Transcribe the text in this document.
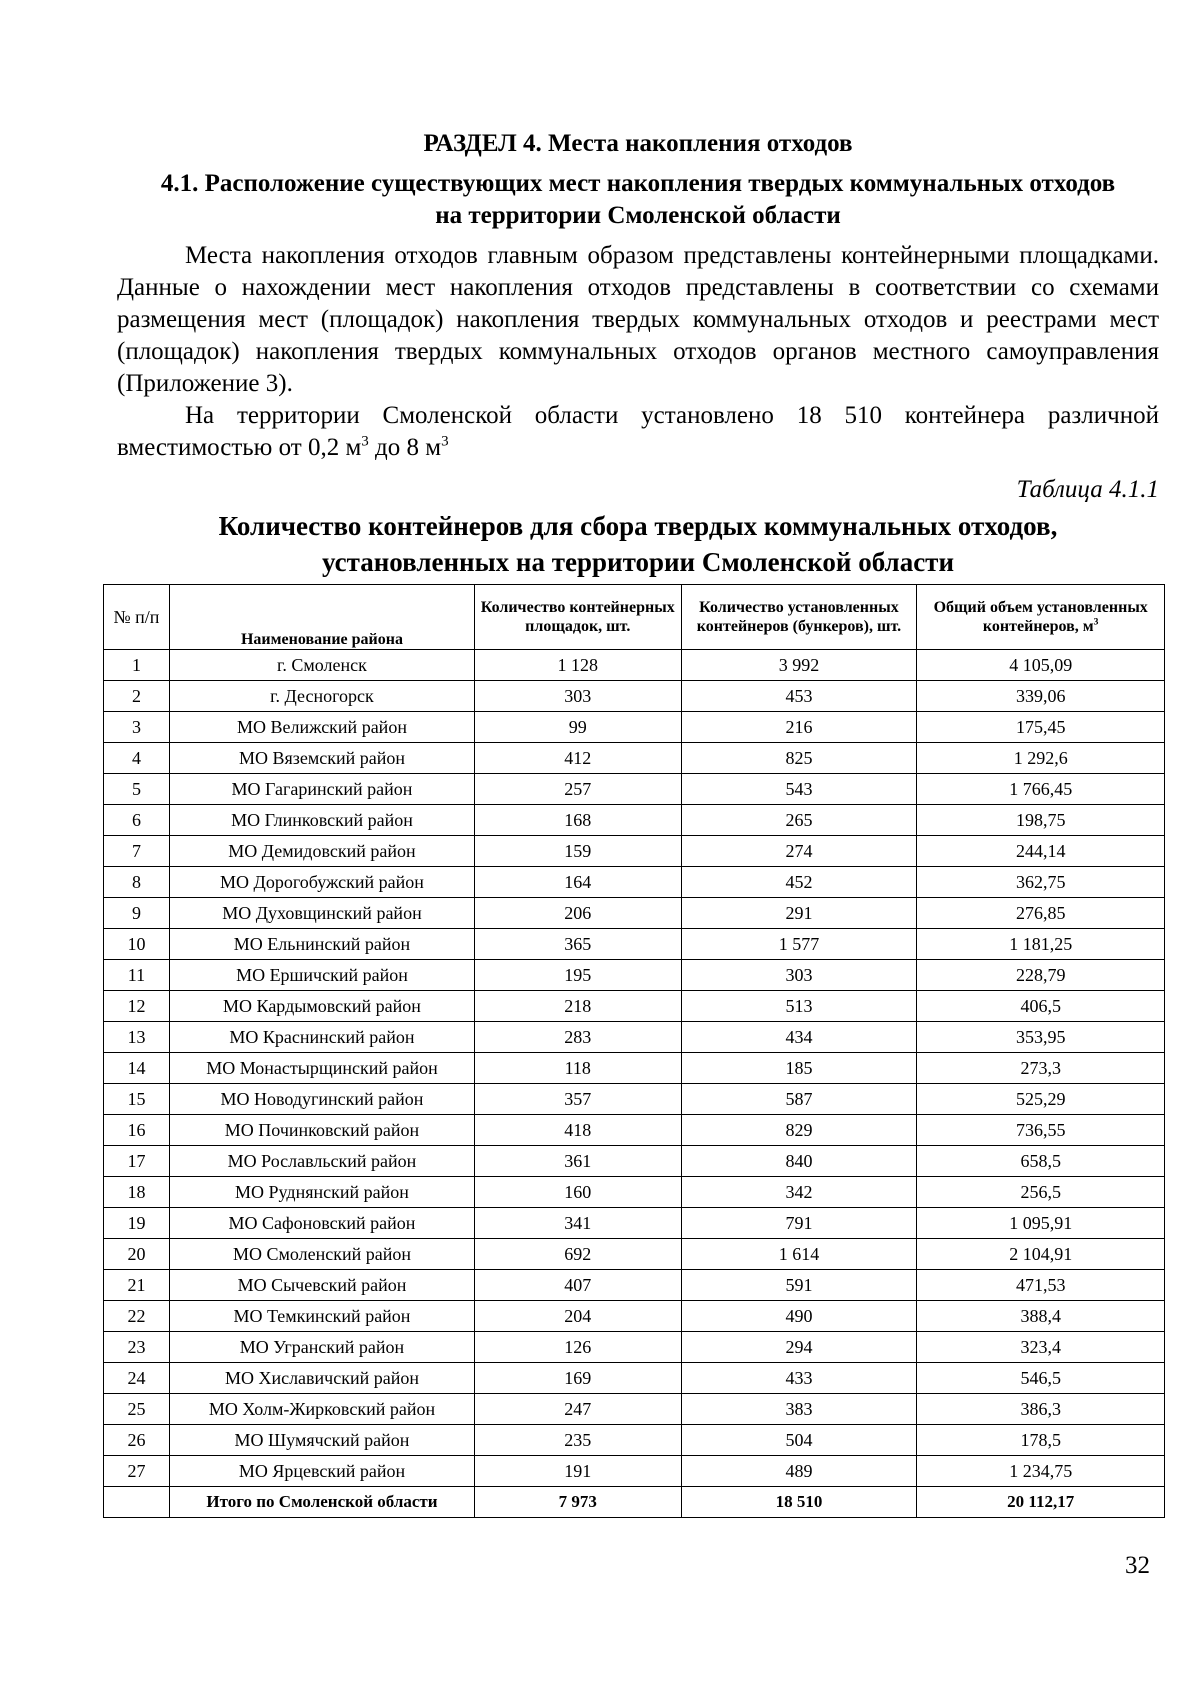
РАЗДЕЛ 4. Места накопления отходов
4.1. Расположение существующих мест накопления твердых коммунальных отходов
на территории Смоленской области

Места накопления отходов главным образом представлены контейнерными площадками. Данные о нахождении мест накопления отходов представлены в соответствии со схемами размещения мест (площадок) накопления твердых коммунальных отходов и реестрами мест (площадок) накопления твердых коммунальных отходов органов местного самоуправления (Приложение 3).

На территории Смоленской области установлено 18 510 контейнера различной вместимостью от 0,2 $м^3$ до 8 $м^3$

Таблица 4.1.1
Количество контейнеров для сбора твердых коммунальных отходов,
установленных на территории Смоленской области
№ п/п	Наименование района	Количество контейнерных площадок, шт.	Количество установленных контейнеров (бункеров), шт.	Общий объем установленных контейнеров, $м^3$
1	г. Смоленск	1 128	3 992	4 105,09
2	г. Десногорск	303	453	339,06
3	МО Велижский район	99	216	175,45
4	МО Вяземский район	412	825	1 292,6
5	МО Гагаринский район	257	543	1 766,45
6	МО Глинковский район	168	265	198,75
7	МО Демидовский район	159	274	244,14
8	МО Дорогобужский район	164	452	362,75
9	МО Духовщинский район	206	291	276,85
10	МО Ельнинский район	365	1 577	1 181,25
11	МО Ершичский район	195	303	228,79
12	МО Кардымовский район	218	513	406,5
13	МО Краснинский район	283	434	353,95
14	МО Монастырщинский район	118	185	273,3
15	МО Новодугинский район	357	587	525,29
16	МО Починковский район	418	829	736,55
17	МО Рославльский район	361	840	658,5
18	МО Руднянский район	160	342	256,5
19	МО Сафоновский район	341	791	1 095,91
20	МО Смоленский район	692	1 614	2 104,91
21	МО Сычевский район	407	591	471,53
22	МО Темкинский район	204	490	388,4
23	МО Угранский район	126	294	323,4
24	МО Хиславичский район	169	433	546,5
25	МО Холм-Жирковский район	247	383	386,3
26	МО Шумячский район	235	504	178,5
27	МО Ярцевский район	191	489	1 234,75
	Итого по Смоленской области	7 973	18 510	20 112,17
32
